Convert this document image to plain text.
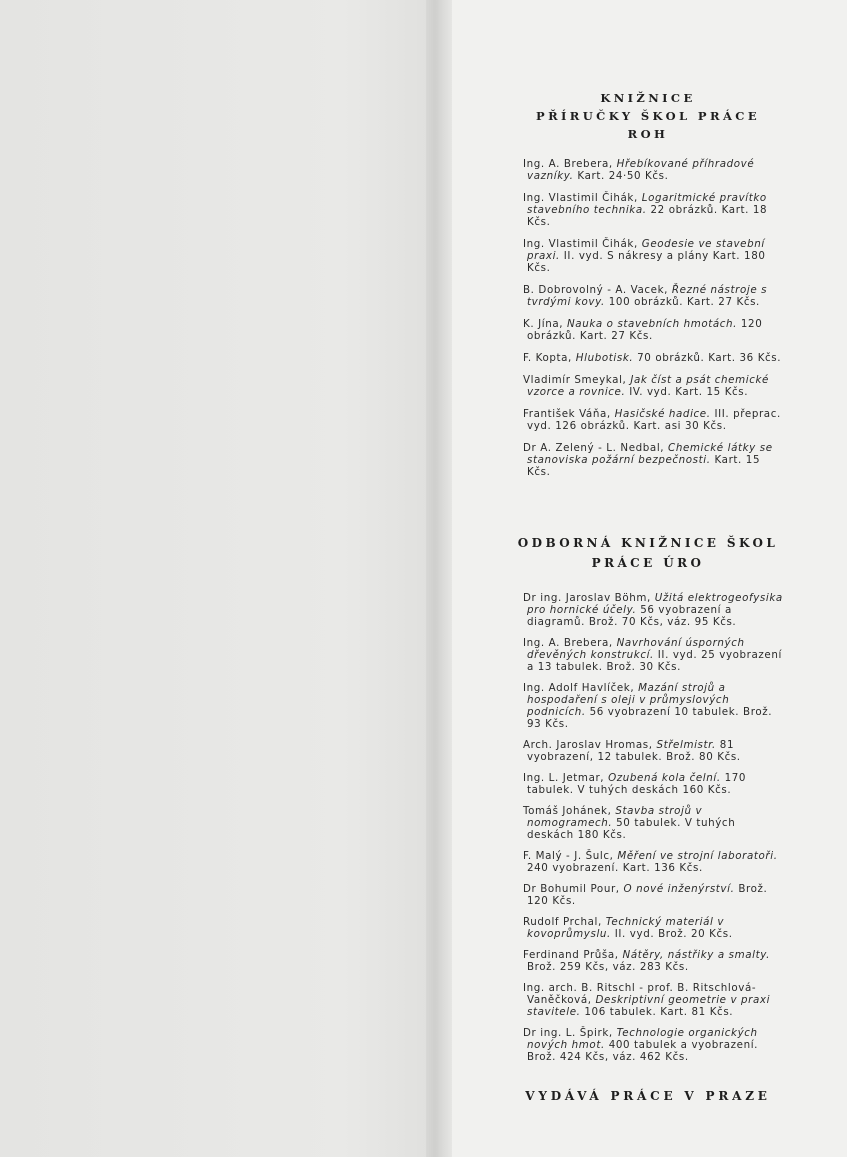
KNIŽNICE

PŘÍRUČKY ŠKOL PRÁCE

ROH

Ing. A. Brebera, Hřebíkované příhradové vazníky. Kart. 24·50 Kčs.
Ing. Vlastimil Čihák, Logaritmické pravítko stavebního technika. 22 obrázků. Kart. 18 Kčs.
Ing. Vlastimil Čihák, Geodesie ve stavební praxi. II. vyd. S nákresy a plány Kart. 180 Kčs.
B. Dobrovolný - A. Vacek, Řezné nástroje s tvrdými kovy. 100 obrázků. Kart. 27 Kčs.
K. Jína, Nauka o stavebních hmotách. 120 obrázků. Kart. 27 Kčs.
F. Kopta, Hlubotisk. 70 obrázků. Kart. 36 Kčs.
Vladimír Smeykal, Jak číst a psát chemické vzorce a rovnice. IV. vyd. Kart. 15 Kčs.
František Váňa, Hasičské hadice. III. přeprac. vyd. 126 obrázků. Kart. asi 30 Kčs.
Dr A. Zelený - L. Nedbal, Chemické látky se stanoviska požární bezpečnosti. Kart. 15 Kčs.

ODBORNÁ KNIŽNICE ŠKOL

PRÁCE ÚRO

Dr ing. Jaroslav Böhm, Užitá elektrogeofysika pro hornické účely. 56 vyobrazení a diagramů. Brož. 70 Kčs, váz. 95 Kčs.
Ing. A. Brebera, Navrhování úsporných dřevěných konstrukcí. II. vyd. 25 vyobrazení a 13 tabulek. Brož. 30 Kčs.
Ing. Adolf Havlíček, Mazání strojů a hospodaření s oleji v průmyslových podnicích. 56 vyobrazení 10 tabulek. Brož. 93 Kčs.
Arch. Jaroslav Hromas, Střelmistr. 81 vyobrazení, 12 tabulek. Brož. 80 Kčs.
Ing. L. Jetmar, Ozubená kola čelní. 170 tabulek. V tuhých deskách 160 Kčs.
Tomáš Johánek, Stavba strojů v nomogramech. 50 tabulek. V tuhých deskách 180 Kčs.
F. Malý - J. Šulc, Měření ve strojní laboratoři. 240 vyobrazení. Kart. 136 Kčs.
Dr Bohumil Pour, O nové inženýrství. Brož. 120 Kčs.
Rudolf Prchal, Technický materiál v kovoprůmyslu. II. vyd. Brož. 20 Kčs.
Ferdinand Průša, Nátěry, nástřiky a smalty. Brož. 259 Kčs, váz. 283 Kčs.
Ing. arch. B. Ritschl - prof. B. Ritschlová-Vaněčková, Deskriptivní geometrie v praxi stavitele. 106 tabulek. Kart. 81 Kčs.
Dr ing. L. Špirk, Technologie organických nových hmot. 400 tabulek a vyobrazení. Brož. 424 Kčs, váz. 462 Kčs.

VYDÁVÁ PRÁCE V PRAZE
